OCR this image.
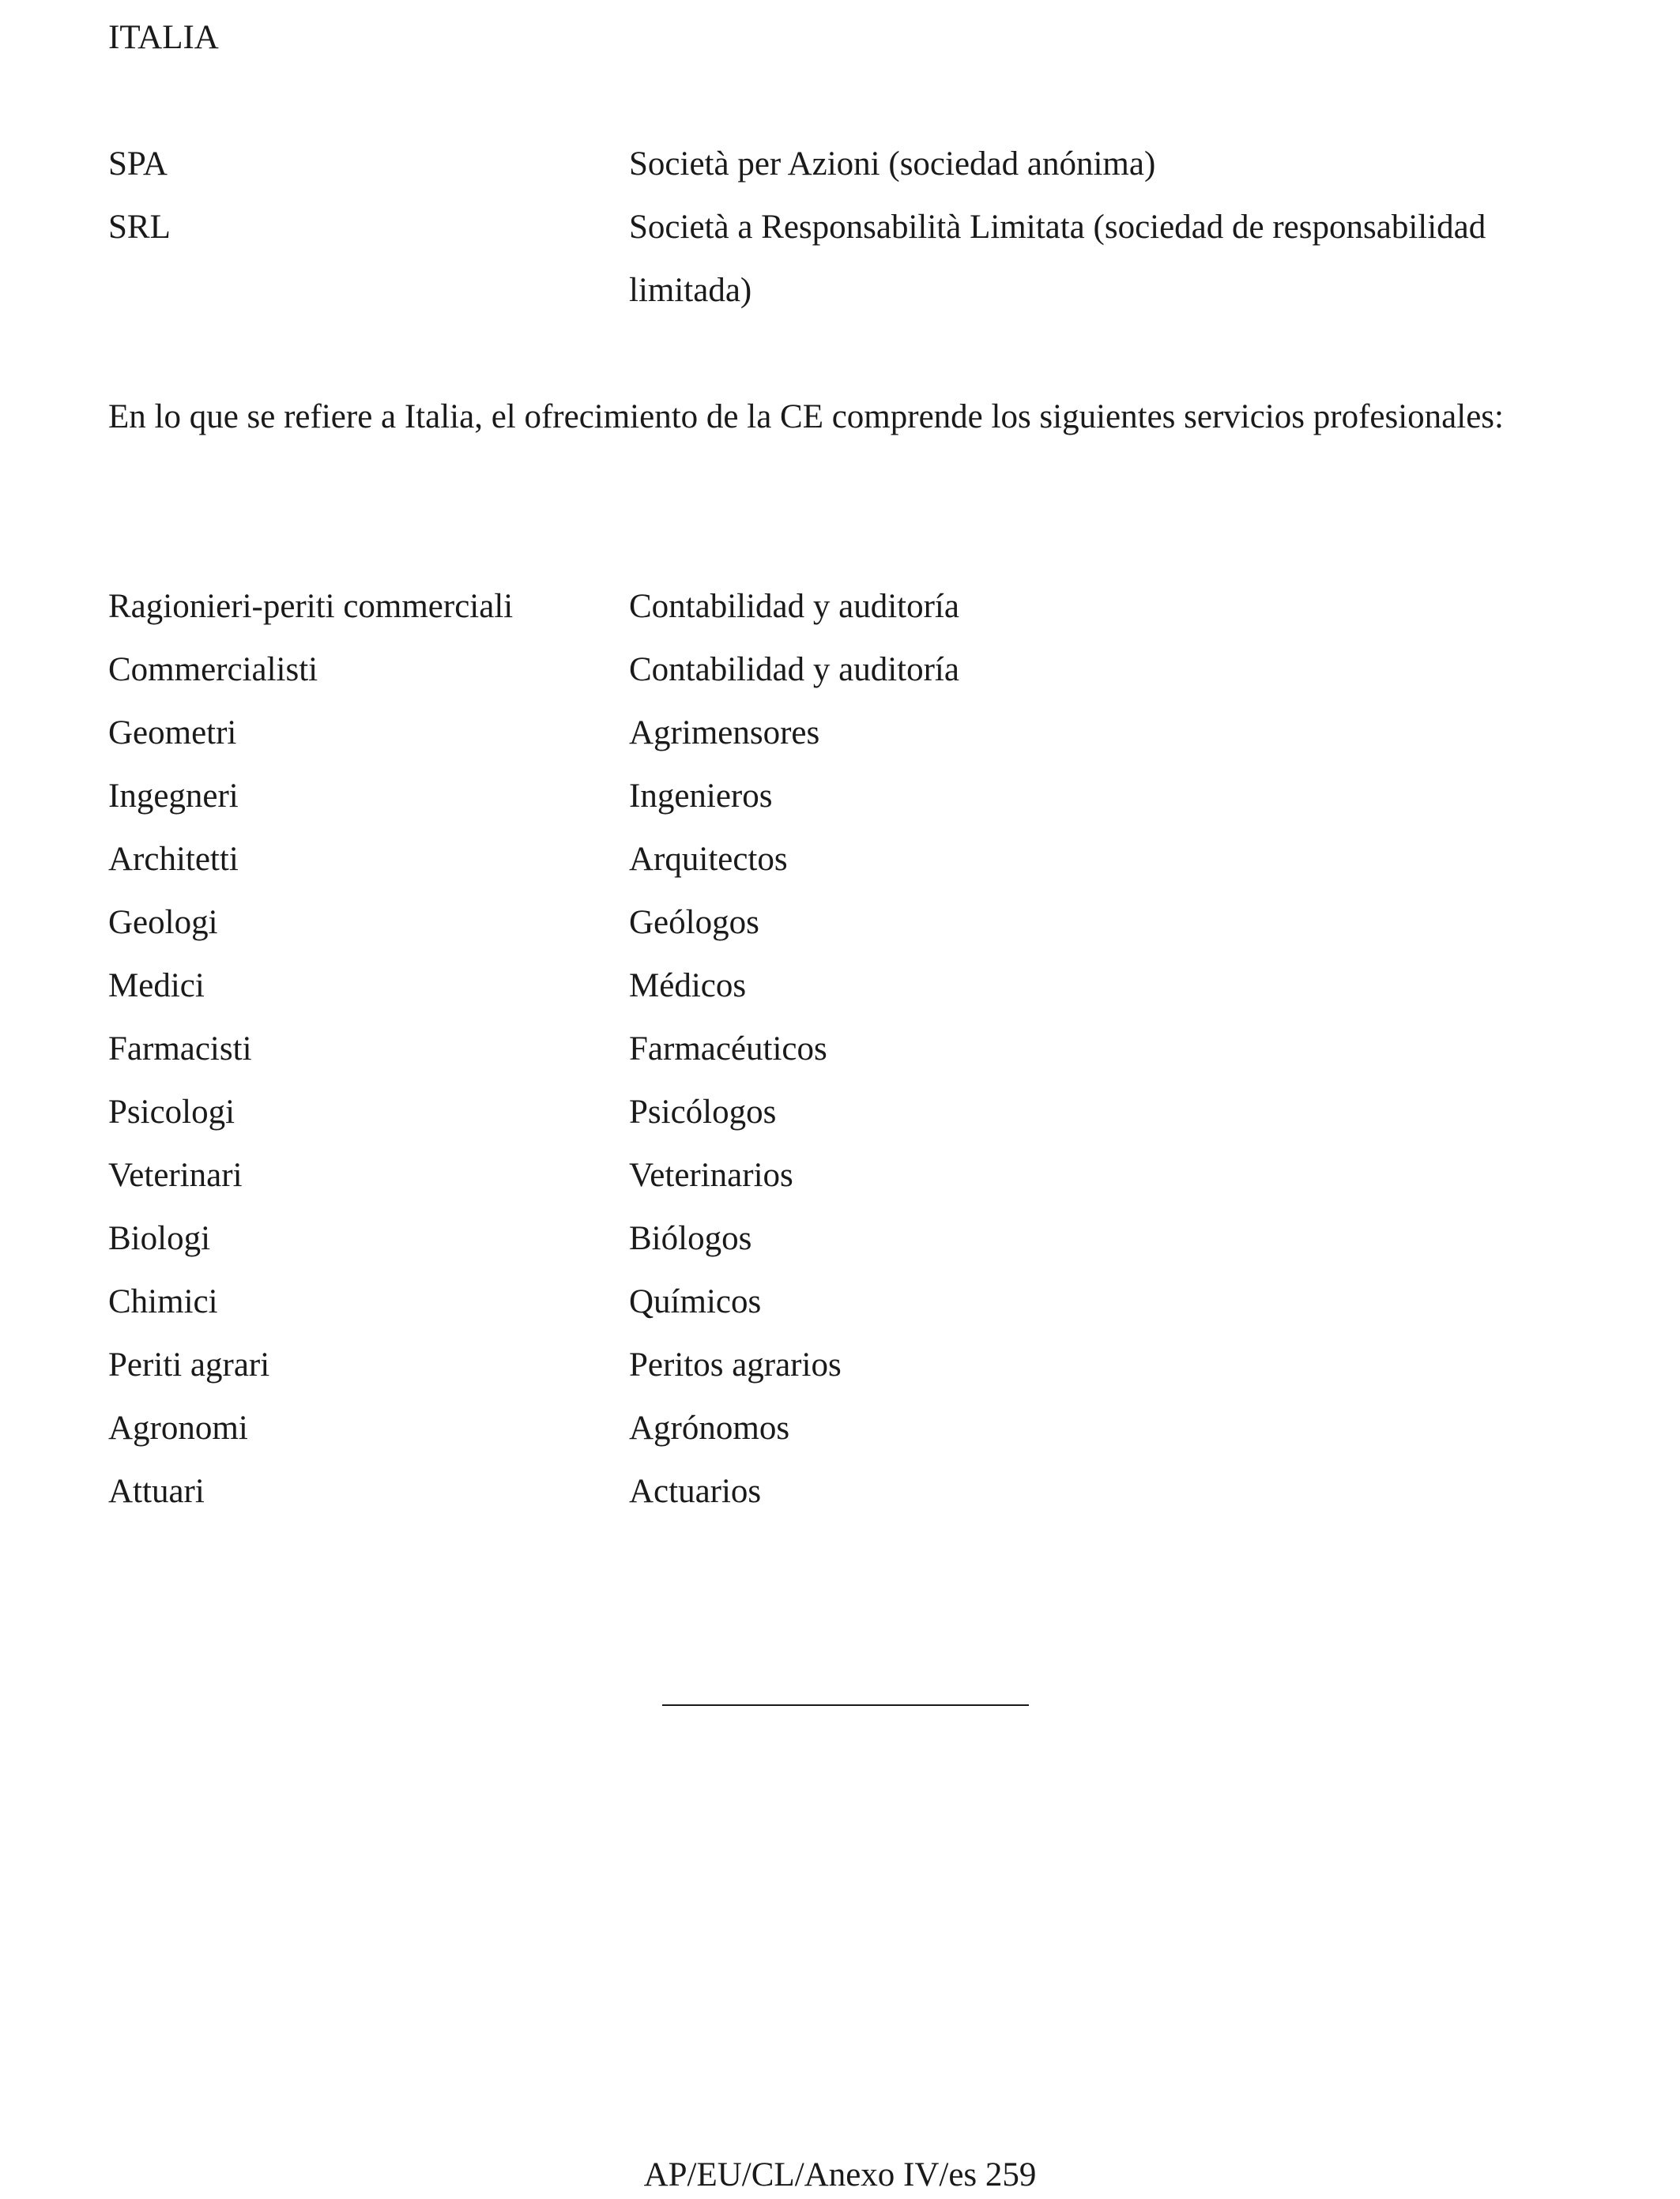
ITALIA
SPA	Società per Azioni (sociedad anónima)
SRL	Società a Responsabilità Limitata (sociedad de responsabilidad limitada)
En lo que se refiere a Italia, el ofrecimiento de la CE comprende los siguientes servicios profesionales:
Ragionieri-periti commerciali	Contabilidad y auditoría
Commercialisti	Contabilidad y auditoría
Geometri	Agrimensores
Ingegneri	Ingenieros
Architetti	Arquitectos
Geologi	Geólogos
Medici	Médicos
Farmacisti	Farmacéuticos
Psicologi	Psicólogos
Veterinari	Veterinarios
Biologi	Biólogos
Chimici	Químicos
Periti agrari	Peritos agrarios
Agronomi	Agrónomos
Attuari	Actuarios
AP/EU/CL/Anexo IV/es 259
